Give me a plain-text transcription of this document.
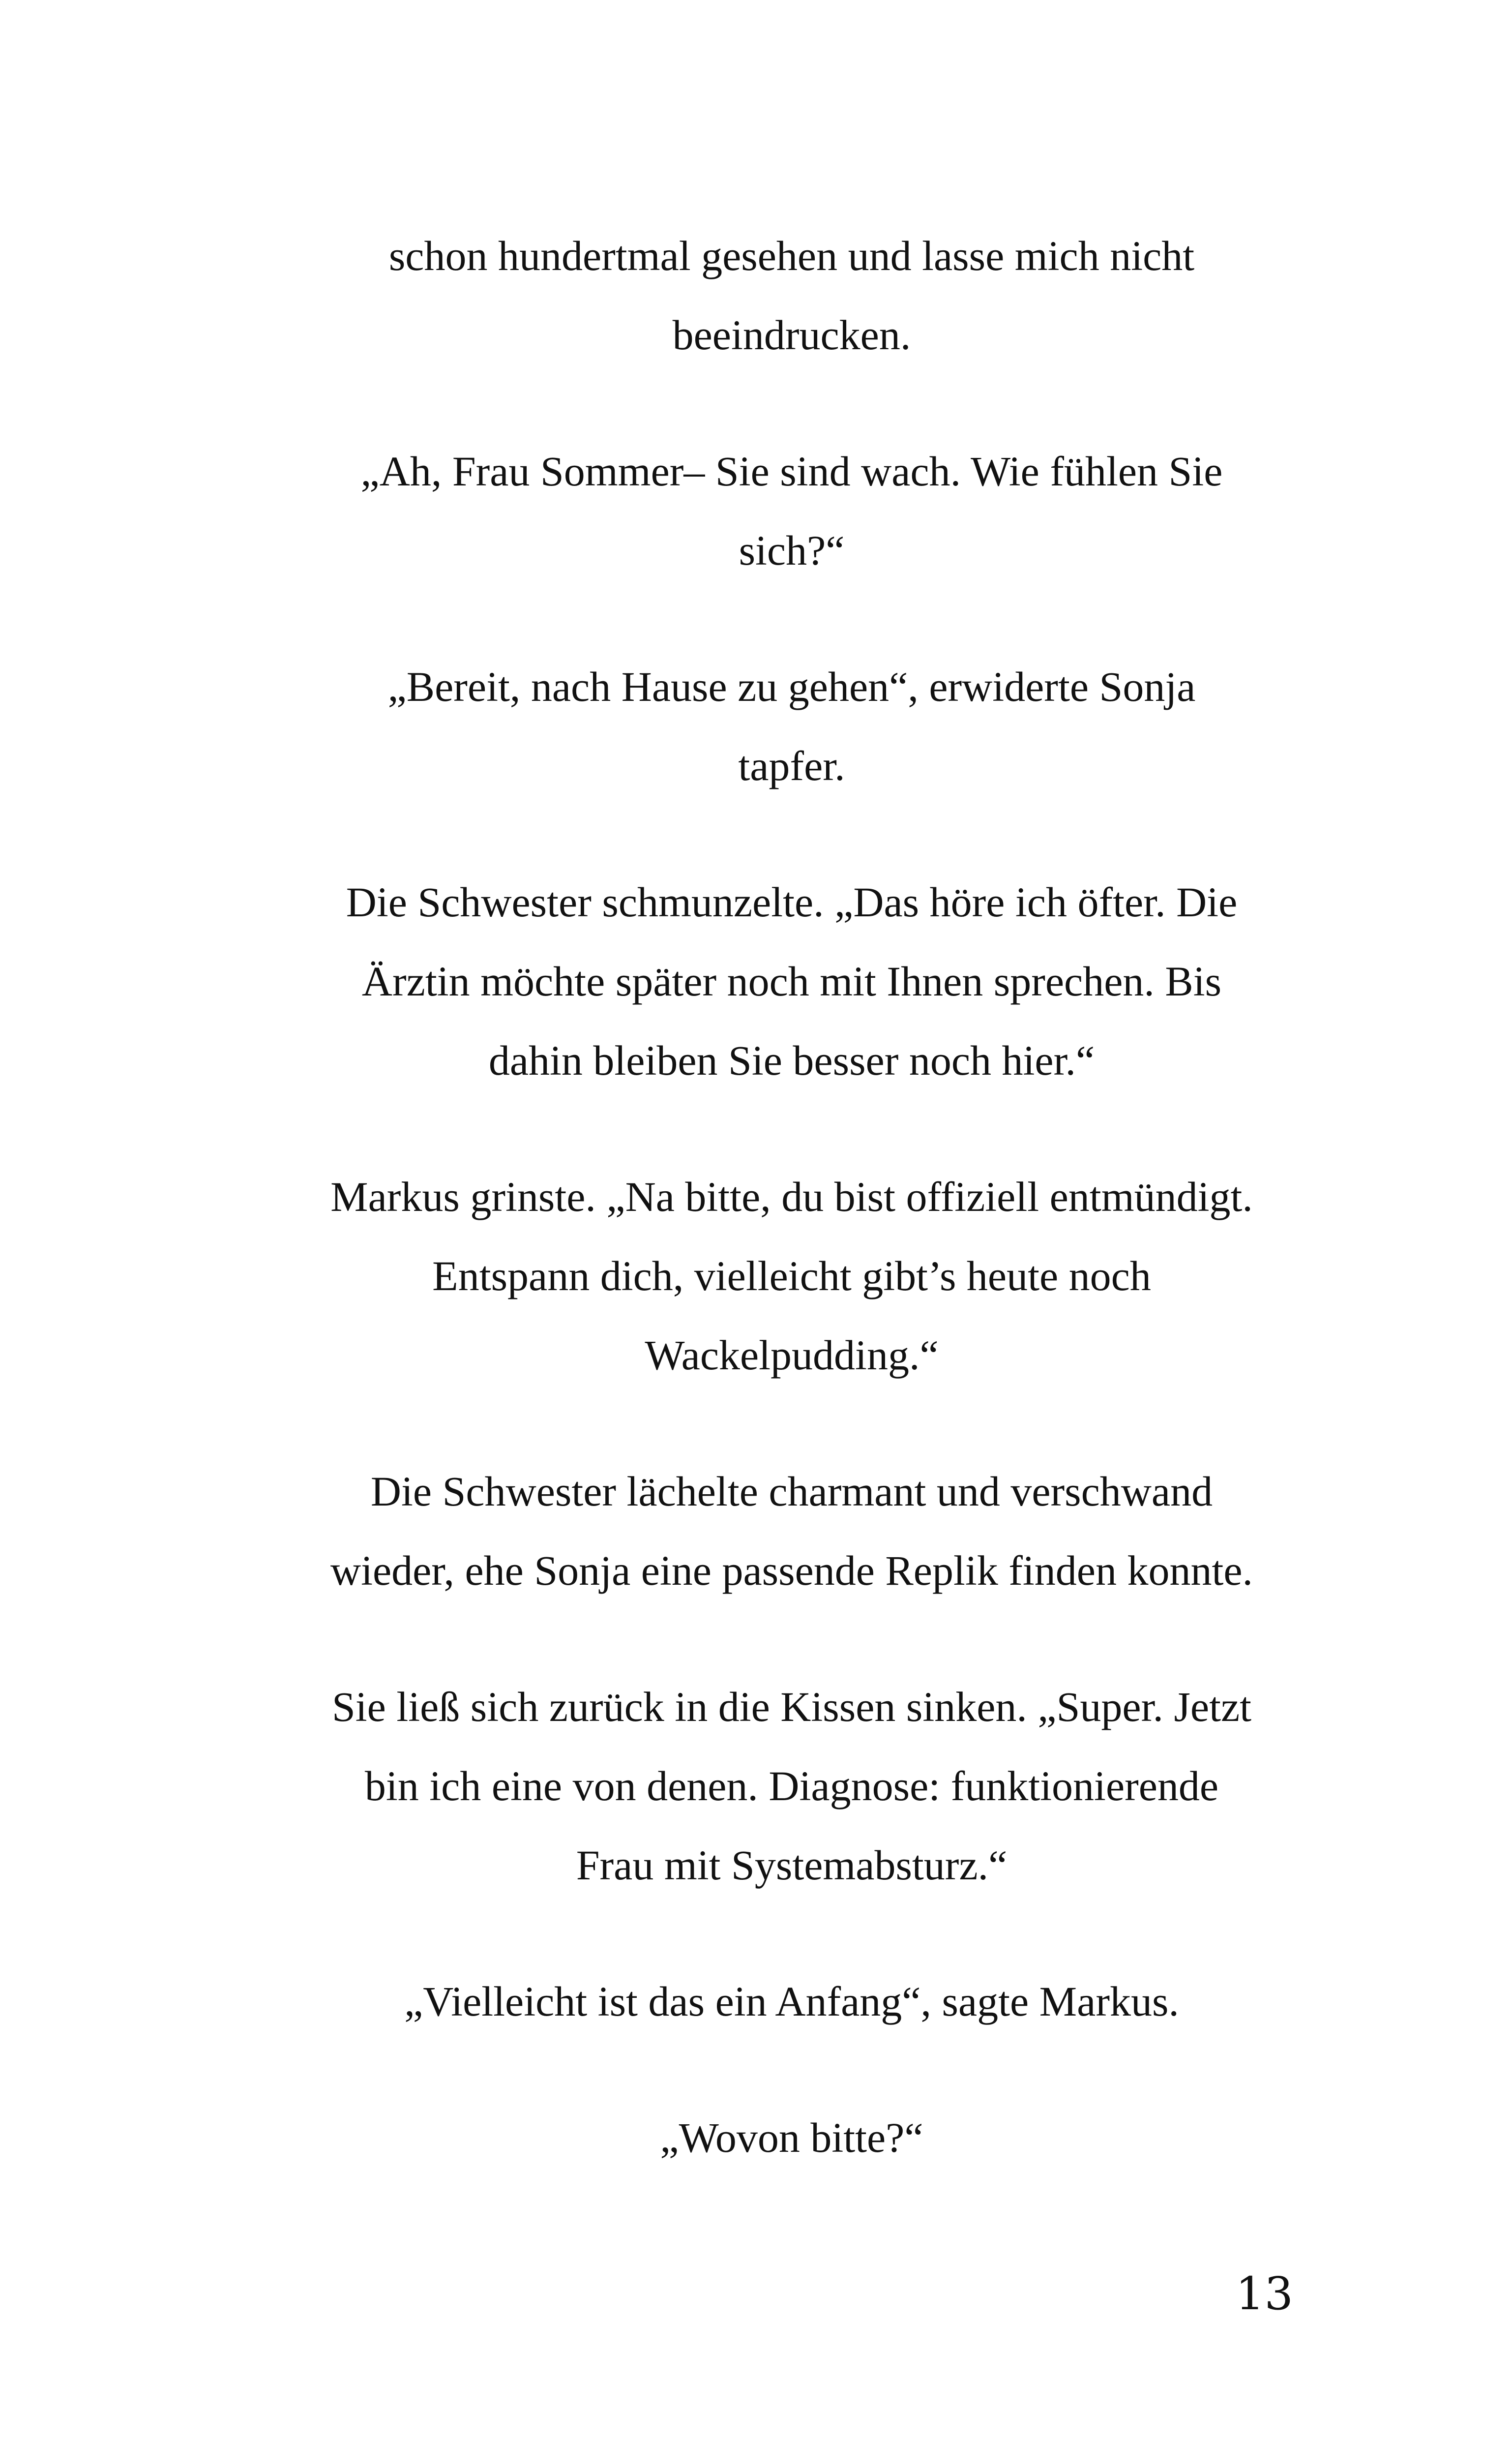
schon hundertmal gesehen und lasse mich nicht
beeindrucken.

„Ah, Frau Sommer– Sie sind wach. Wie fühlen Sie
sich?“

„Bereit, nach Hause zu gehen“, erwiderte Sonja
tapfer.

Die Schwester schmunzelte. „Das höre ich öfter. Die
Ärztin möchte später noch mit Ihnen sprechen. Bis
dahin bleiben Sie besser noch hier.“

Markus grinste. „Na bitte, du bist offiziell entmündigt.
Entspann dich, vielleicht gibt’s heute noch
Wackelpudding.“

Die Schwester lächelte charmant und verschwand
wieder, ehe Sonja eine passende Replik finden konnte.

Sie ließ sich zurück in die Kissen sinken. „Super. Jetzt
bin ich eine von denen. Diagnose: funktionierende
Frau mit Systemabsturz.“

„Vielleicht ist das ein Anfang“, sagte Markus.

„Wovon bitte?“

13
